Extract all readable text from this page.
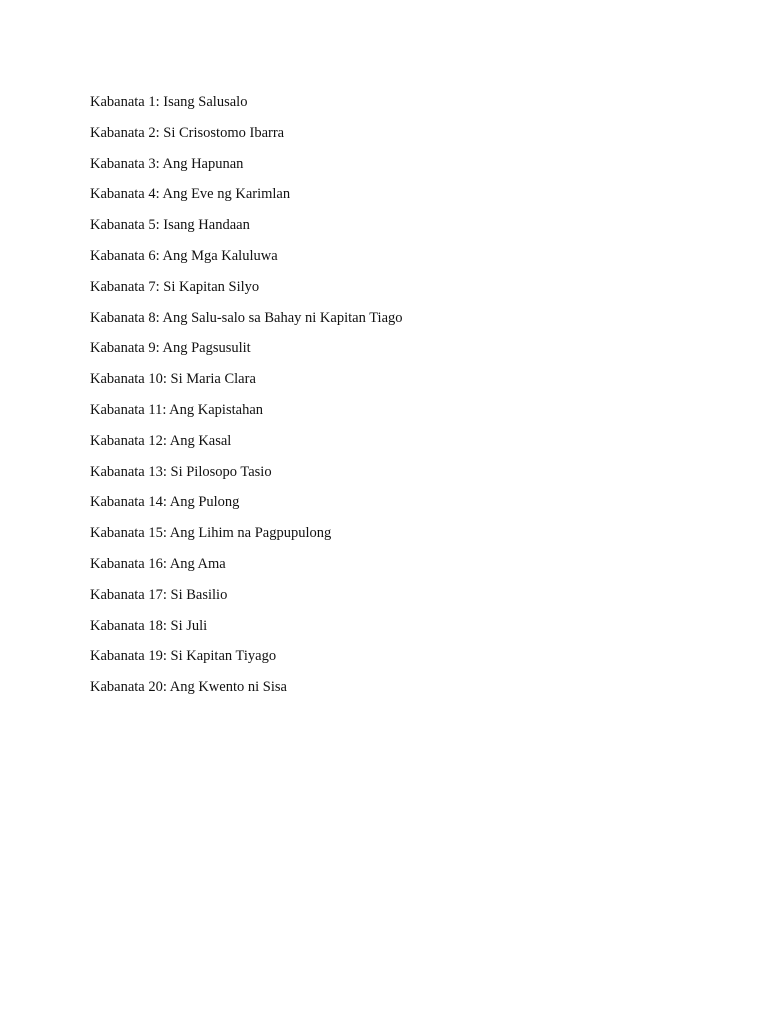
Kabanata 1: Isang Salusalo
Kabanata 2: Si Crisostomo Ibarra
Kabanata 3: Ang Hapunan
Kabanata 4: Ang Eve ng Karimlan
Kabanata 5: Isang Handaan
Kabanata 6: Ang Mga Kaluluwa
Kabanata 7: Si Kapitan Silyo
Kabanata 8: Ang Salu-salo sa Bahay ni Kapitan Tiago
Kabanata 9: Ang Pagsusulit
Kabanata 10: Si Maria Clara
Kabanata 11: Ang Kapistahan
Kabanata 12: Ang Kasal
Kabanata 13: Si Pilosopo Tasio
Kabanata 14: Ang Pulong
Kabanata 15: Ang Lihim na Pagpupulong
Kabanata 16: Ang Ama
Kabanata 17: Si Basilio
Kabanata 18: Si Juli
Kabanata 19: Si Kapitan Tiyago
Kabanata 20: Ang Kwento ni Sisa
